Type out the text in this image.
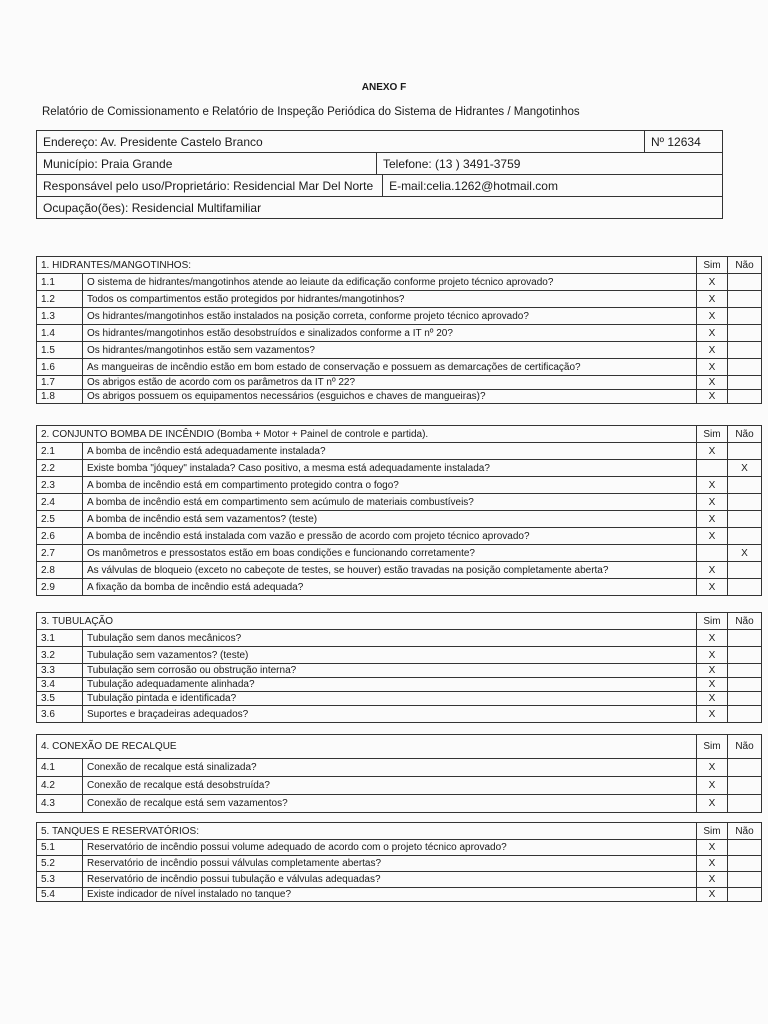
ANEXO F
Relatório de Comissionamento e Relatório de Inspeção Periódica do Sistema de Hidrantes / Mangotinhos
Endereço: Av. Presidente Castelo Branco			Nº 12634
Município: Praia Grande	Telefone: (13 ) 3491-3759		
Responsável pelo uso/Proprietário: Residencial Mar Del Norte		E-mail:celia.1262@hotmail.com	
Ocupação(ões): Residencial Multifamiliar			
1. HIDRANTES/MANGOTINHOS:		Sim	Não
1.1	O sistema de hidrantes/mangotinhos atende ao leiaute da edificação conforme projeto técnico aprovado?	X	
1.2	Todos os compartimentos estão protegidos por hidrantes/mangotinhos?	X	
1.3	Os hidrantes/mangotinhos estão instalados na posição correta, conforme projeto técnico aprovado?	X	
1.4	Os hidrantes/mangotinhos estão desobstruídos e sinalizados conforme a IT nº 20?	X	
1.5	Os hidrantes/mangotinhos estão sem vazamentos?	X	
1.6	As mangueiras de incêndio estão em bom estado de conservação e possuem as demarcações de certificação?	X	
1.7	Os abrigos estão de acordo com os parâmetros da IT nº 22?	X	
1.8	Os abrigos possuem os equipamentos necessários (esguichos e chaves de mangueiras)?	X	
2. CONJUNTO BOMBA DE INCÊNDIO (Bomba + Motor + Painel de controle e partida).		Sim	Não
2.1	A bomba de incêndio está adequadamente instalada?	X	
2.2	Existe bomba "jóquey" instalada? Caso positivo, a mesma está adequadamente instalada?		X
2.3	A bomba de incêndio está em compartimento protegido contra o fogo?	X	
2.4	A bomba de incêndio está em compartimento sem acúmulo de materiais combustíveis?	X	
2.5	A bomba de incêndio está sem vazamentos? (teste)	X	
2.6	A bomba de incêndio está instalada com vazão e pressão de acordo com projeto técnico aprovado?	X	
2.7	Os manômetros e pressostatos estão em boas condições e funcionando corretamente?		X
2.8	As válvulas de bloqueio (exceto no cabeçote de testes, se houver) estão travadas na posição completamente aberta?	X	
2.9	A fixação da bomba de incêndio está adequada?	X	
3. TUBULAÇÃO		Sim	Não
3.1	Tubulação sem danos mecânicos?	X	
3.2	Tubulação sem vazamentos? (teste)	X	
3.3	Tubulação sem corrosão ou obstrução interna?	X	
3.4	Tubulação adequadamente alinhada?	X	
3.5	Tubulação pintada e identificada?	X	
3.6	Suportes e braçadeiras adequados?	X	
4. CONEXÃO DE RECALQUE		Sim	Não
4.1	Conexão de recalque está sinalizada?	X	
4.2	Conexão de recalque está desobstruída?	X	
4.3	Conexão de recalque está sem vazamentos?	X	
5. TANQUES E RESERVATÓRIOS:		Sim	Não
5.1	Reservatório de incêndio possui volume adequado de acordo com o projeto técnico aprovado?	X	
5.2	Reservatório de incêndio possui válvulas completamente abertas?	X	
5.3	Reservatório de incêndio possui tubulação e válvulas adequadas?	X	
5.4	Existe indicador de nível instalado no tanque?	X	
